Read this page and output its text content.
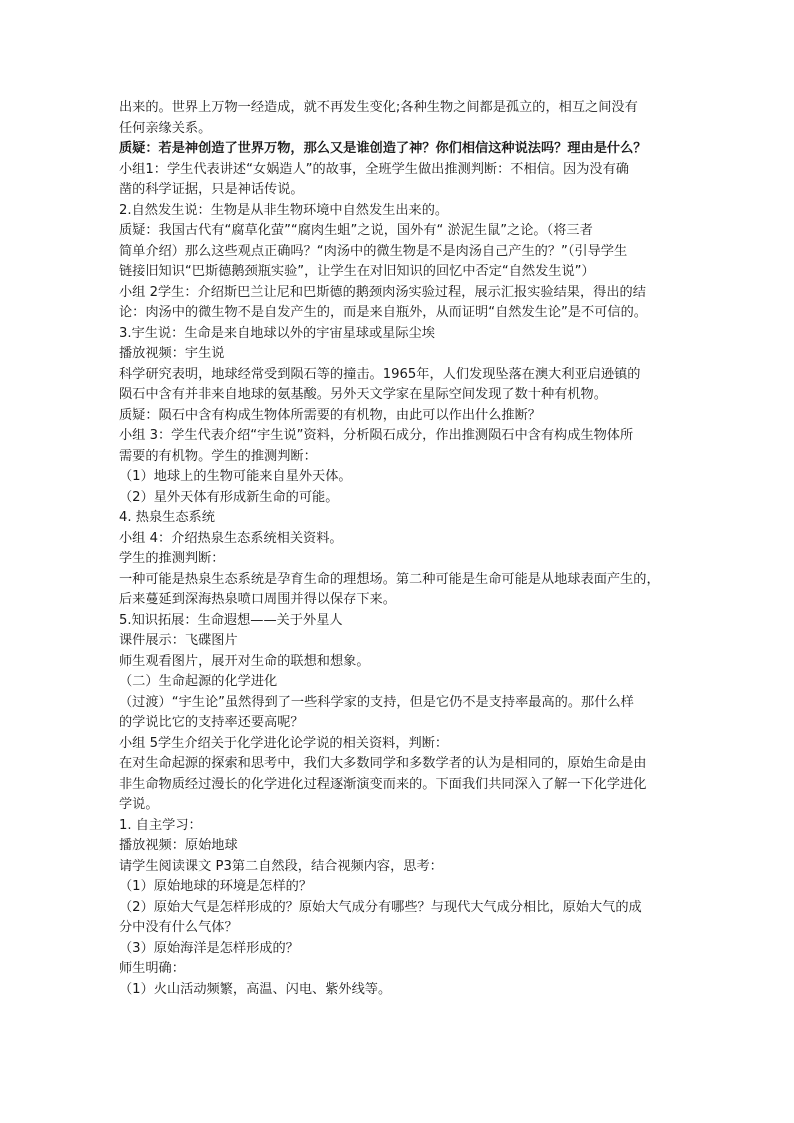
出来的。世界上万物一经造成，就不再发生变化;各种生物之间都是孤立的，相互之间没有
任何亲缘关系。
质疑：若是神创造了世界万物，那么又是谁创造了神？你们相信这种说法吗？理由是什么？
小组1：学生代表讲述“女娲造人”的故事，全班学生做出推测判断：不相信。因为没有确
凿的科学证据，只是神话传说。
2.自然发生说：生物是从非生物环境中自然发生出来的。
质疑：我国古代有“腐草化萤”“腐肉生蛆”之说，国外有“ 淤泥生鼠”之论。（将三者
简单介绍）那么这些观点正确吗？“肉汤中的微生物是不是肉汤自己产生的？”（引导学生
链接旧知识“巴斯德鹅颈瓶实验”，让学生在对旧知识的回忆中否定“自然发生说”）
小组 2学生：介绍斯巴兰让尼和巴斯德的鹅颈肉汤实验过程，展示汇报实验结果，得出的结
论：肉汤中的微生物不是自发产生的，而是来自瓶外，从而证明“自然发生论”是不可信的。
3.宇生说：生命是来自地球以外的宇宙星球或星际尘埃
播放视频：宇生说
科学研究表明，地球经常受到陨石等的撞击。1965年，人们发现坠落在澳大利亚启逊镇的
陨石中含有并非来自地球的氨基酸。另外天文学家在星际空间发现了数十种有机物。
质疑：陨石中含有构成生物体所需要的有机物，由此可以作出什么推断？
小组 3：学生代表介绍“宇生说”资料，分析陨石成分，作出推测陨石中含有构成生物体所
需要的有机物。学生的推测判断：
（1）地球上的生物可能来自星外天体。
（2）星外天体有形成新生命的可能。
4. 热泉生态系统
小组 4：介绍热泉生态系统相关资料。
学生的推测判断：
一种可能是热泉生态系统是孕育生命的理想场。第二种可能是生命可能是从地球表面产生的，
后来蔓延到深海热泉喷口周围并得以保存下来。
5.知识拓展：生命遐想——关于外星人
课件展示：飞碟图片
师生观看图片，展开对生命的联想和想象。
（二）生命起源的化学进化
（过渡）“宇生论”虽然得到了一些科学家的支持，但是它仍不是支持率最高的。那什么样
的学说比它的支持率还要高呢？
小组 5学生介绍关于化学进化论学说的相关资料，判断：
在对生命起源的探索和思考中，我们大多数同学和多数学者的认为是相同的，原始生命是由
非生命物质经过漫长的化学进化过程逐渐演变而来的。下面我们共同深入了解一下化学进化
学说。
1. 自主学习：
播放视频：原始地球
请学生阅读课文 P3第二自然段，结合视频内容，思考：
（1）原始地球的环境是怎样的？
（2）原始大气是怎样形成的？原始大气成分有哪些？与现代大气成分相比，原始大气的成
分中没有什么气体？
（3）原始海洋是怎样形成的？
师生明确：
（1）火山活动频繁，高温、闪电、紫外线等。
